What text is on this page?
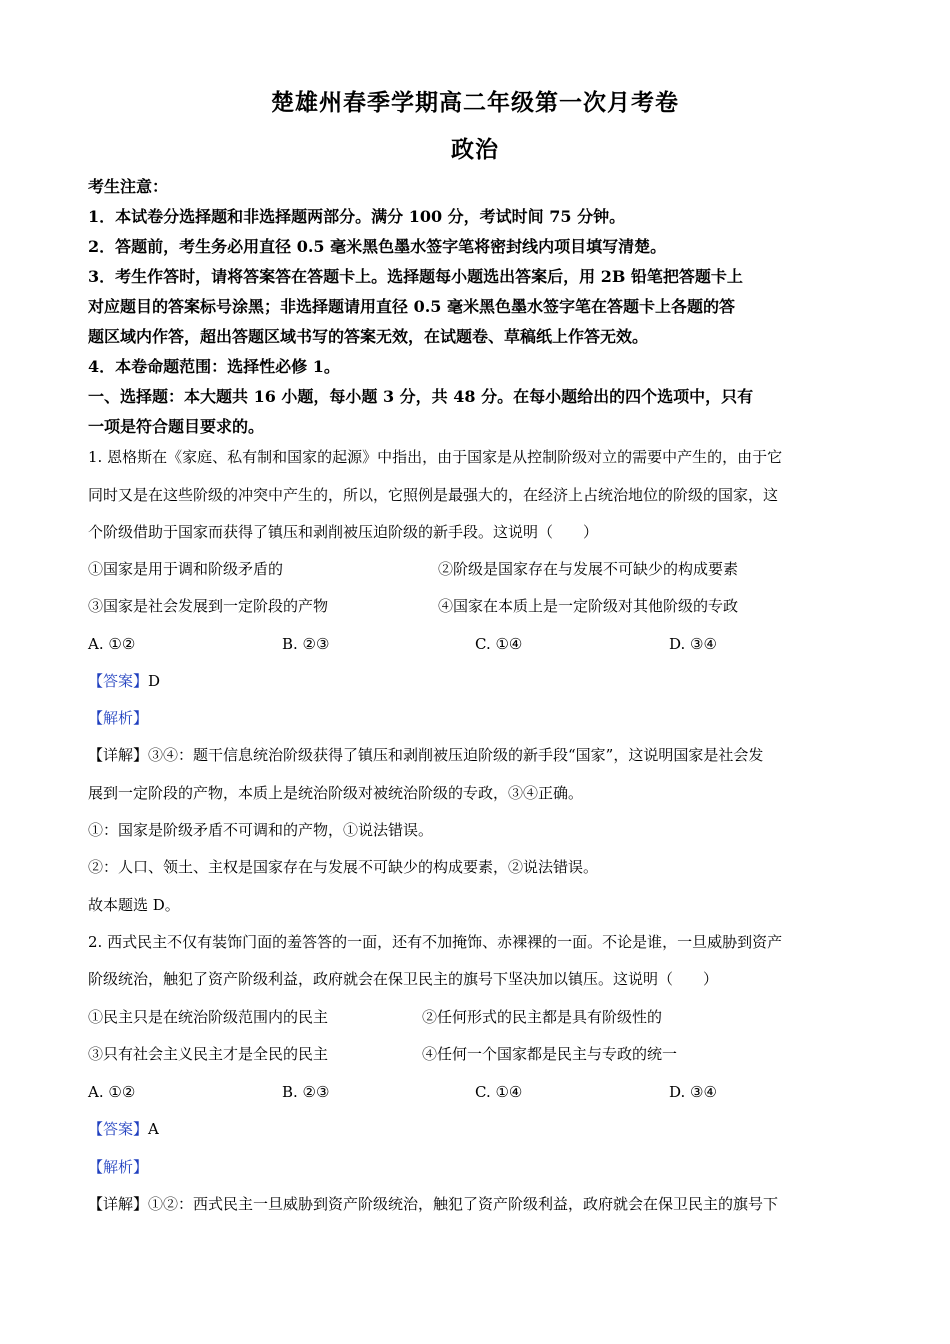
楚雄州春季学期高二年级第一次月考卷
政治
考生注意：
1．本试卷分选择题和非选择题两部分。满分 100 分，考试时间 75 分钟。
2．答题前，考生务必用直径 0.5 毫米黑色墨水签字笔将密封线内项目填写清楚。
3．考生作答时，请将答案答在答题卡上。选择题每小题选出答案后，用 2B 铅笔把答题卡上
对应题目的答案标号涂黑；非选择题请用直径 0.5 毫米黑色墨水签字笔在答题卡上各题的答
题区域内作答，超出答题区域书写的答案无效，在试题卷、草稿纸上作答无效。
4．本卷命题范围：选择性必修 1。
一、选择题：本大题共 16 小题，每小题 3 分，共 48 分。在每小题给出的四个选项中，只有
一项是符合题目要求的。
1. 恩格斯在《家庭、私有制和国家的起源》中指出，由于国家是从控制阶级对立的需要中产生的，由于它
同时又是在这些阶级的冲突中产生的，所以，它照例是最强大的，在经济上占统治地位的阶级的国家，这
个阶级借助于国家而获得了镇压和剥削被压迫阶级的新手段。这说明（　　）
①国家是用于调和阶级矛盾的	②阶级是国家存在与发展不可缺少的构成要素
③国家是社会发展到一定阶段的产物	④国家在本质上是一定阶级对其他阶级的专政
A. ①②	B. ②③	C. ①④	D. ③④
【答案】D
【解析】
【详解】③④：题干信息统治阶级获得了镇压和剥削被压迫阶级的新手段“国家”，这说明国家是社会发
展到一定阶段的产物，本质上是统治阶级对被统治阶级的专政，③④正确。
①：国家是阶级矛盾不可调和的产物，①说法错误。
②：人口、领土、主权是国家存在与发展不可缺少的构成要素，②说法错误。
故本题选 D。
2. 西式民主不仅有装饰门面的羞答答的一面，还有不加掩饰、赤裸裸的一面。不论是谁，一旦威胁到资产
阶级统治，触犯了资产阶级利益，政府就会在保卫民主的旗号下坚决加以镇压。这说明（　　）
①民主只是在统治阶级范围内的民主	②任何形式的民主都是具有阶级性的
③只有社会主义民主才是全民的民主	④任何一个国家都是民主与专政的统一
A. ①②	B. ②③	C. ①④	D. ③④
【答案】A
【解析】
【详解】①②：西式民主一旦威胁到资产阶级统治，触犯了资产阶级利益，政府就会在保卫民主的旗号下
